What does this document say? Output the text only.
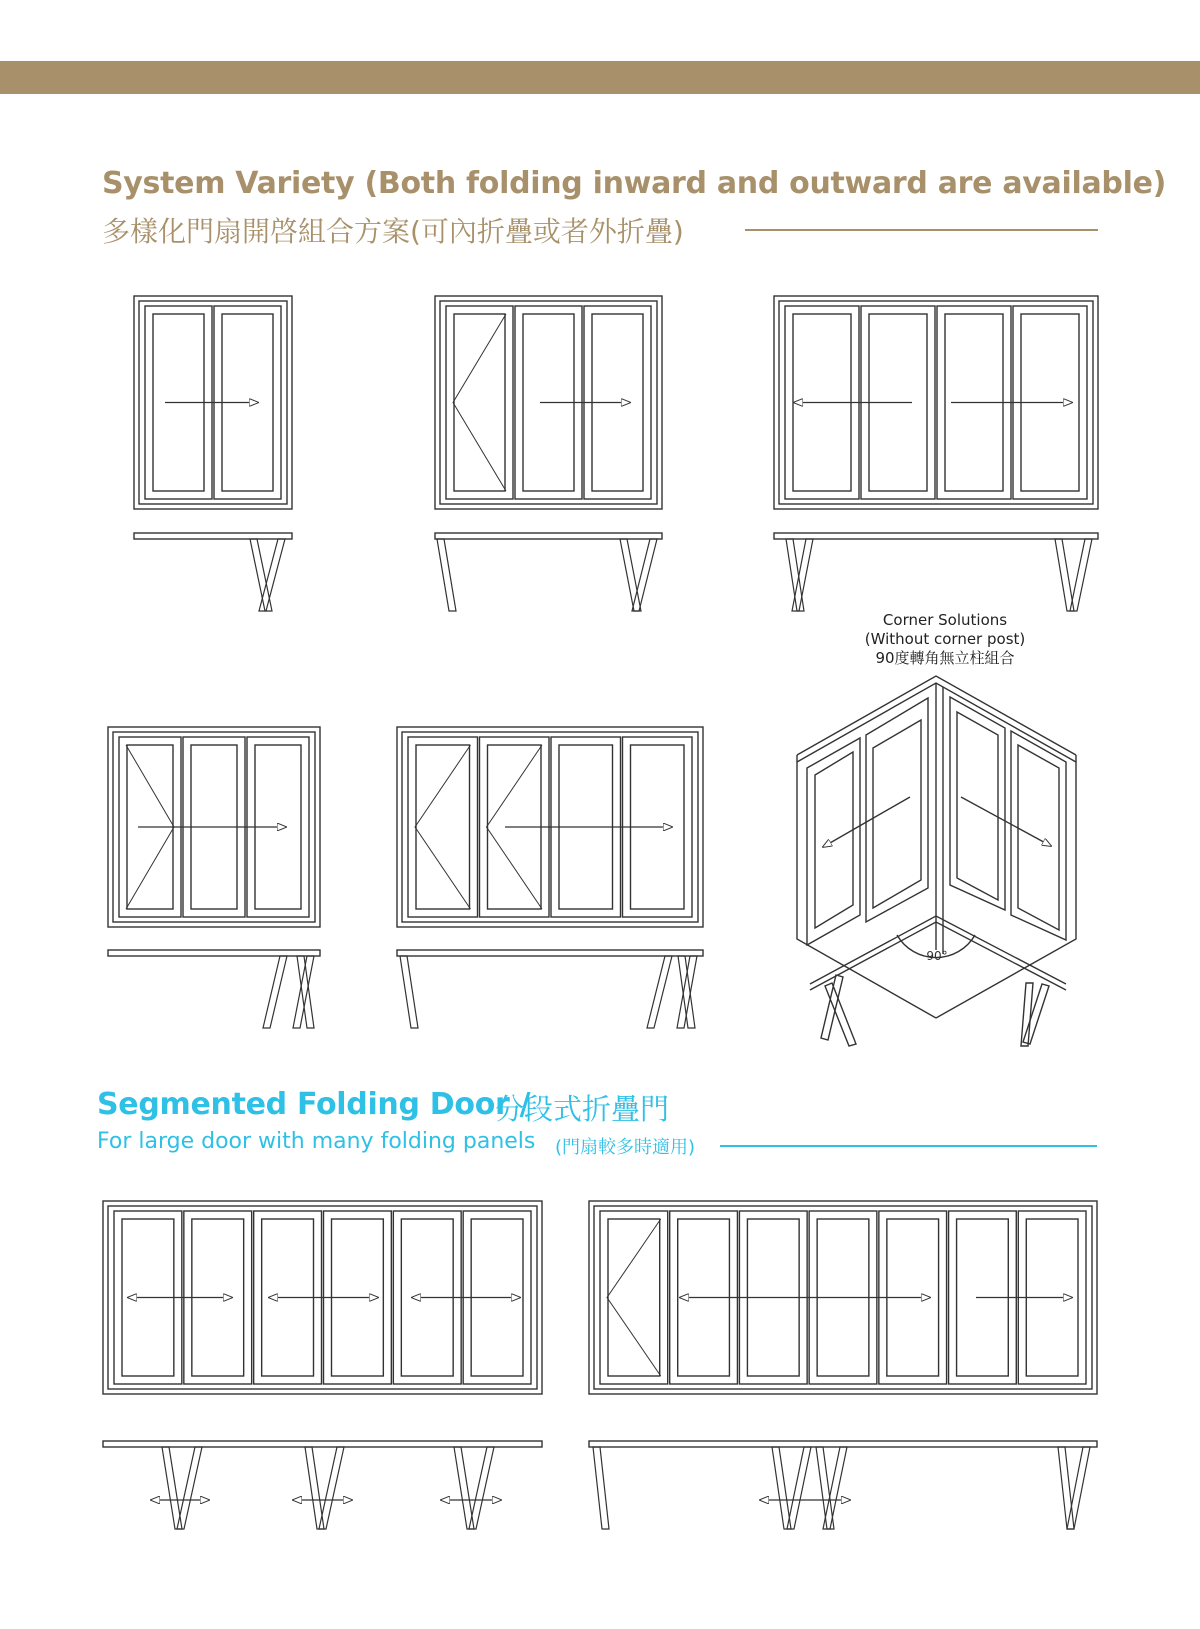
System Variety (Both folding inward and outward are available)
多樣化門扇開啓組合方案(可內折疊或者外折疊)
Corner Solutions
(Without corner post)
90度轉角無立柱組合
Segmented Folding Door /
分段式折疊門
For large door with many folding panels (門扇較多時適用)
90°
